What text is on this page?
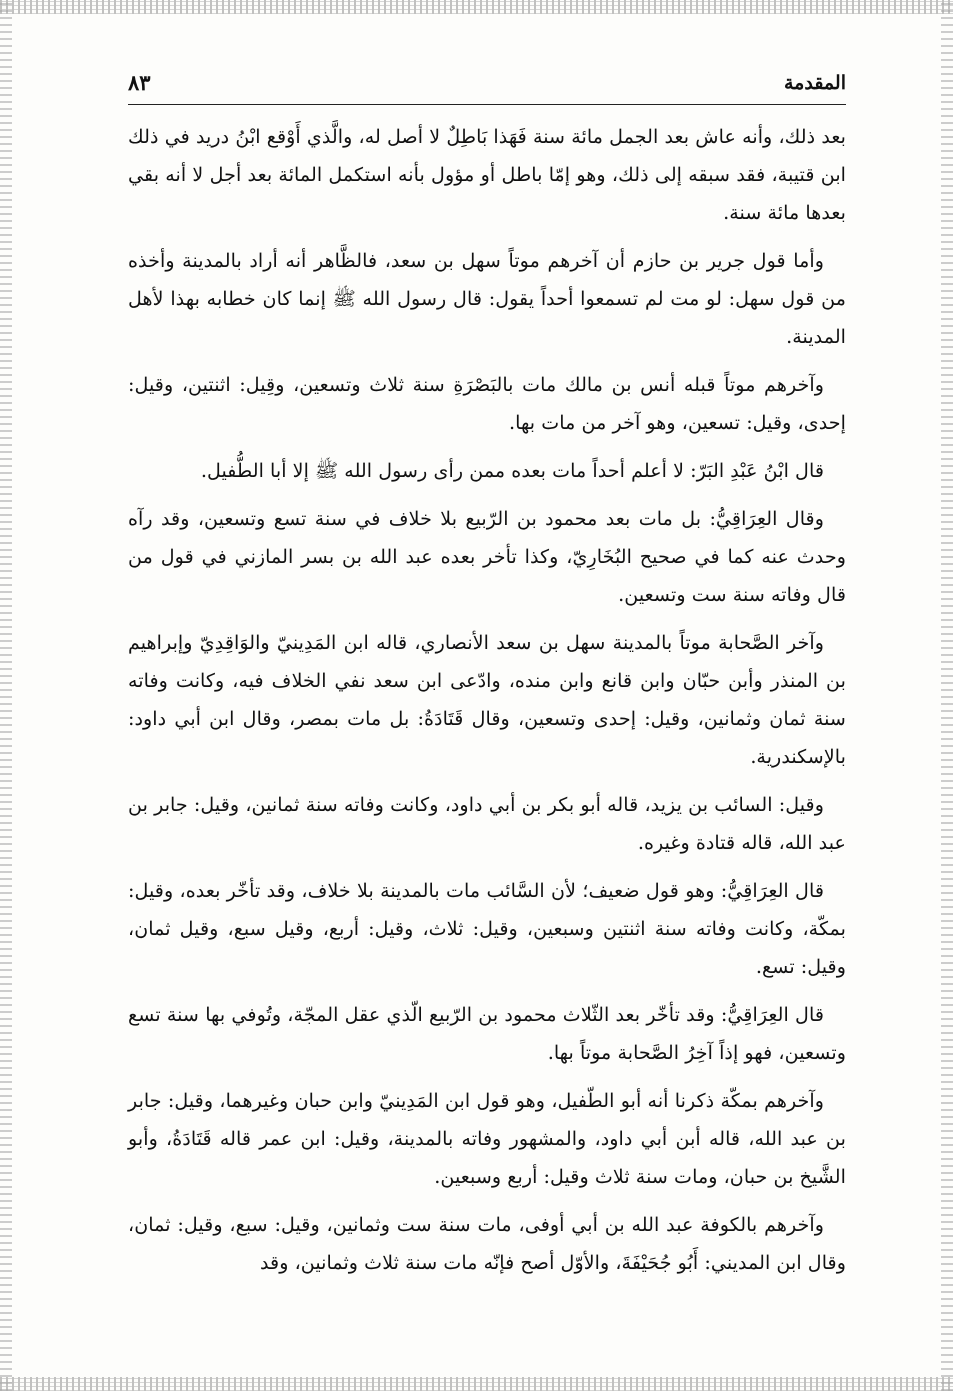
المقدمة
٨٣

بعد ذلك، وأنه عاش بعد الجمل مائة سنة فَهَذا بَاطِلٌ لا أصل له، والَّذي أَوْقع ابْنُ دريد في ذلك ابن قتيبة، فقد سبقه إلى ذلك، وهو إمّا باطل أو مؤول بأنه استكمل المائة بعد أجل لا أنه بقي بعدها مائة سنة.

وأما قول جرير بن حازم أن آخرهم موتاً سهل بن سعد، فالظَّاهر أنه أراد بالمدينة وأخذه من قول سهل: لو مت لم تسمعوا أحداً يقول: قال رسول الله ﷺ إنما كان خطابه بهذا لأهل المدينة.

وآخرهم موتاً قبله أنس بن مالك مات بالبَصْرَةِ سنة ثلاث وتسعين، وقِيل: اثنتين، وقيل: إحدى، وقيل: تسعين، وهو آخر من مات بها.

قال ابْنُ عَبْدِ البَرّ: لا أعلم أحداً مات بعده ممن رأى رسول الله ﷺ إلا أبا الطُّفيل.

وقال العِرَاقِيُّ: بل مات بعد محمود بن الرّبيع بلا خلاف في سنة تسع وتسعين، وقد رآه وحدث عنه كما في صحيح البُخَارِيّ، وكذا تأخر بعده عبد الله بن بسر المازني في قول من قال وفاته سنة ست وتسعين.

وآخر الصَّحابة موتاً بالمدينة سهل بن سعد الأنصاري، قاله ابن المَدِينيّ والوَاقِدِيّ وإبراهيم بن المنذر وأبن حبّان وابن قانع وابن منده، وادّعى ابن سعد نفي الخلاف فيه، وكانت وفاته سنة ثمان وثمانين، وقيل: إحدى وتسعين، وقال قَتَادَةُ: بل مات بمصر، وقال ابن أبي داود: بالإسكندرية.

وقيل: السائب بن يزيد، قاله أبو بكر بن أبي داود، وكانت وفاته سنة ثمانين، وقيل: جابر بن عبد الله، قاله قتادة وغيره.

قال العِرَاقِيُّ: وهو قول ضعيف؛ لأن السَّائب مات بالمدينة بلا خلاف، وقد تأخّر بعده، وقيل: بمكّة، وكانت وفاته سنة اثنتين وسبعين، وقيل: ثلاث، وقيل: أربع، وقيل سبع، وقيل ثمان، وقيل: تسع.

قال العِرَاقِيُّ: وقد تأخّر بعد الثّلاث محمود بن الرّبيع الّذي عقل المجّة، وتُوفي بها سنة تسع وتسعين، فهو إذاً آخِرُ الصَّحابة موتاً بها.

وآخرهم بمكّة ذكرنا أنه أبو الطّفيل، وهو قول ابن المَدِينيّ وابن حبان وغيرهما، وقيل: جابر بن عبد الله، قاله أبن أبي داود، والمشهور وفاته بالمدينة، وقيل: ابن عمر قاله قَتَادَةُ، وأبو الشَّيخ بن حبان، ومات سنة ثلاث وقيل: أربع وسبعين.

وآخرهم بالكوفة عبد الله بن أبي أوفى، مات سنة ست وثمانين، وقيل: سبع، وقيل: ثمان، وقال ابن المديني: أَبُو جُحَيْفَةَ، والأوّل أصح فإنّه مات سنة ثلاث وثمانين، وقد
